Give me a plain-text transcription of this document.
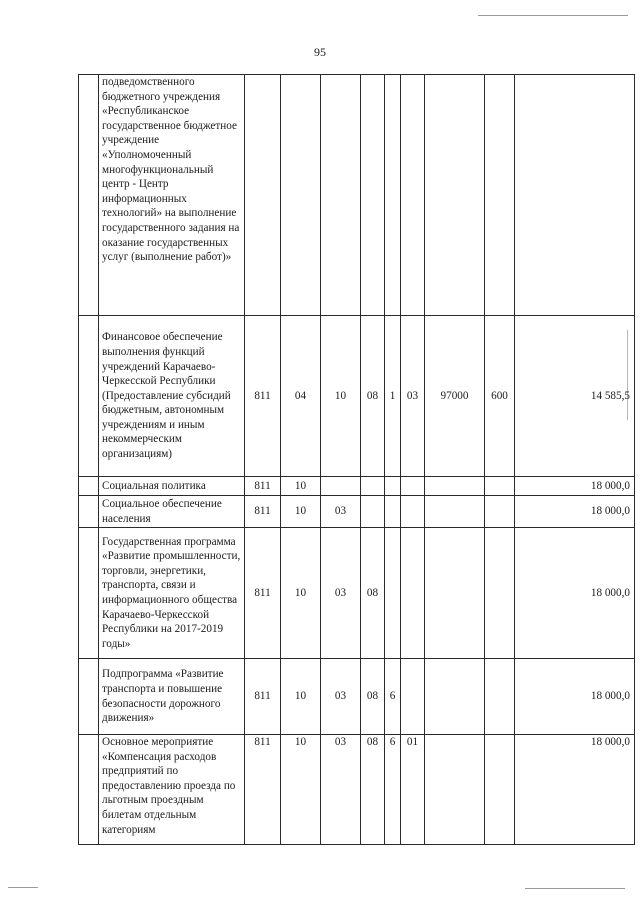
95
	подведомственного бюджетного учреждения «Республиканское государственное бюджетное учреждение «Уполномоченный многофункциональный центр - Центр информационных технологий» на выполнение государственного задания на оказание государственных услуг (выполнение работ)»									
	Финансовое обеспечение выполнения функций учреждений Карачаево-Черкесской Республики (Предоставление субсидий бюджетным, автономным учреждениям и иным некоммерческим организациям)	811	04	10	08	1	03	97000	600	14 585,5
	Социальная политика	811	10							18 000,0
	Социальное обеспечение населения	811	10	03						18 000,0
	Государственная программа «Развитие промышленности, торговли, энергетики, транспорта, связи и информационного общества Карачаево-Черкесской Республики на 2017-2019 годы»	811	10	03	08					18 000,0
	Подпрограмма «Развитие транспорта и повышение безопасности дорожного движения»	811	10	03	08	6				18 000,0
	Основное мероприятие «Компенсация расходов предприятий по предоставлению проезда по льготным проездным билетам отдельным категориям	811	10	03	08	6	01			18 000,0
